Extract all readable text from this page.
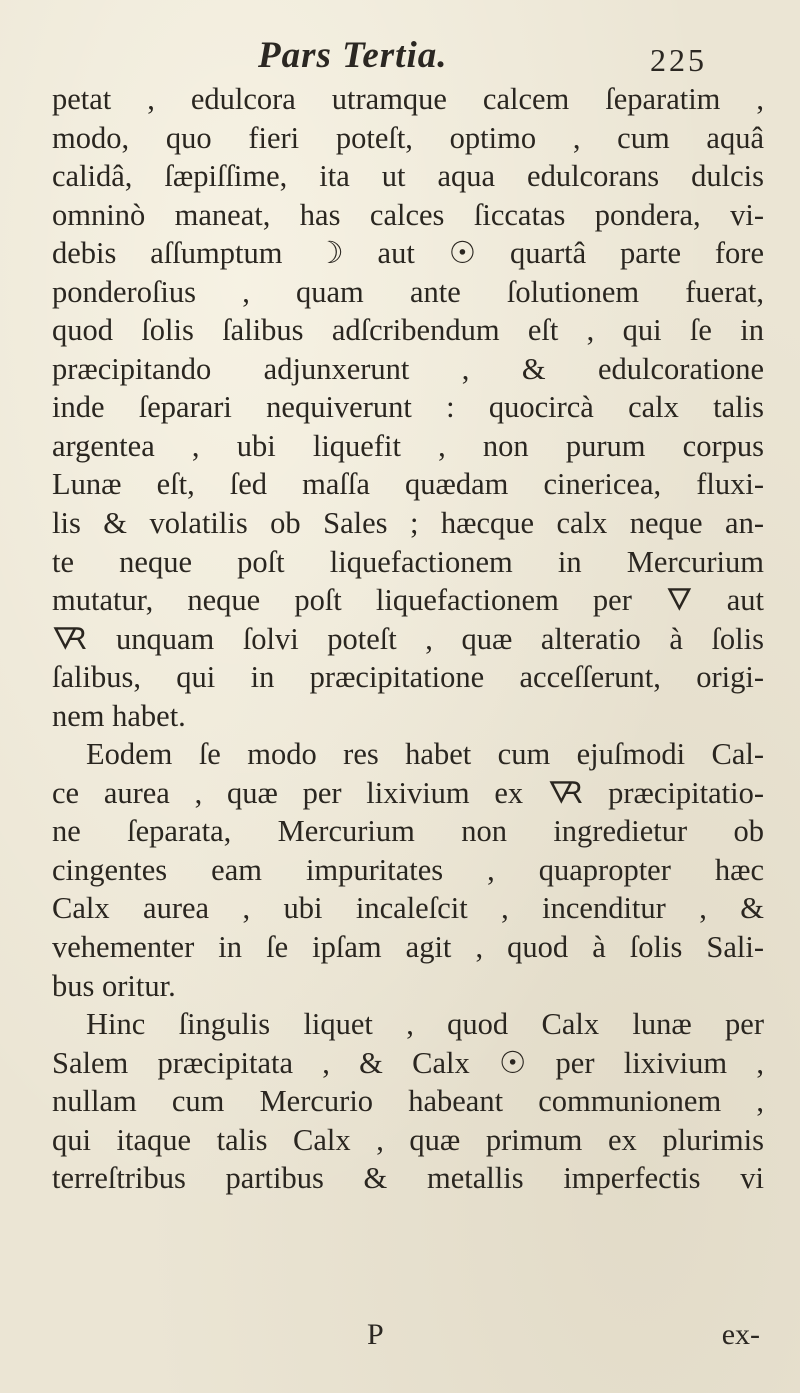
Pars Tertia.	225
petat , edulcora utramque calcem ſeparatim ,
modo, quo fieri poteſt, optimo , cum aquâ
calidâ, ſæpiſſime, ita ut aqua edulcorans dulcis
omninò maneat, has calces ſiccatas pondera, vi-
debis aſſumptum ☽ aut ☉ quartâ parte fore
ponderoſius , quam ante ſolutionem fuerat,
quod ſolis ſalibus adſcribendum eſt , qui ſe in
præcipitando adjunxerunt , & edulcoratione
inde ſeparari nequiverunt : quocircà calx talis
argentea , ubi liquefit , non purum corpus
Lunæ eſt, ſed maſſa quædam cinericea, fluxi-
lis & volatilis ob Sales ; hæcque calx neque an-
te neque poſt liquefactionem in Mercurium
mutatur, neque poſt liquefactionem per 🜄 aut
🜆 unquam ſolvi poteſt , quæ alteratio à ſolis
ſalibus, qui in præcipitatione acceſſerunt, origi-
nem habet.
Eodem ſe modo res habet cum ejuſmodi Cal-
ce aurea , quæ per lixivium ex 🜆 præcipitatio-
ne ſeparata, Mercurium non ingredietur ob
cingentes eam impuritates , quapropter hæc
Calx aurea , ubi incaleſcit , incenditur , &
vehementer in ſe ipſam agit , quod à ſolis Sali-
bus oritur.
Hinc ſingulis liquet , quod Calx lunæ per
Salem præcipitata , & Calx ☉ per lixivium ,
nullam cum Mercurio habeant communionem ,
qui itaque talis Calx , quæ primum ex plurimis
terreſtribus partibus & metallis imperfectis vi
P	ex-
